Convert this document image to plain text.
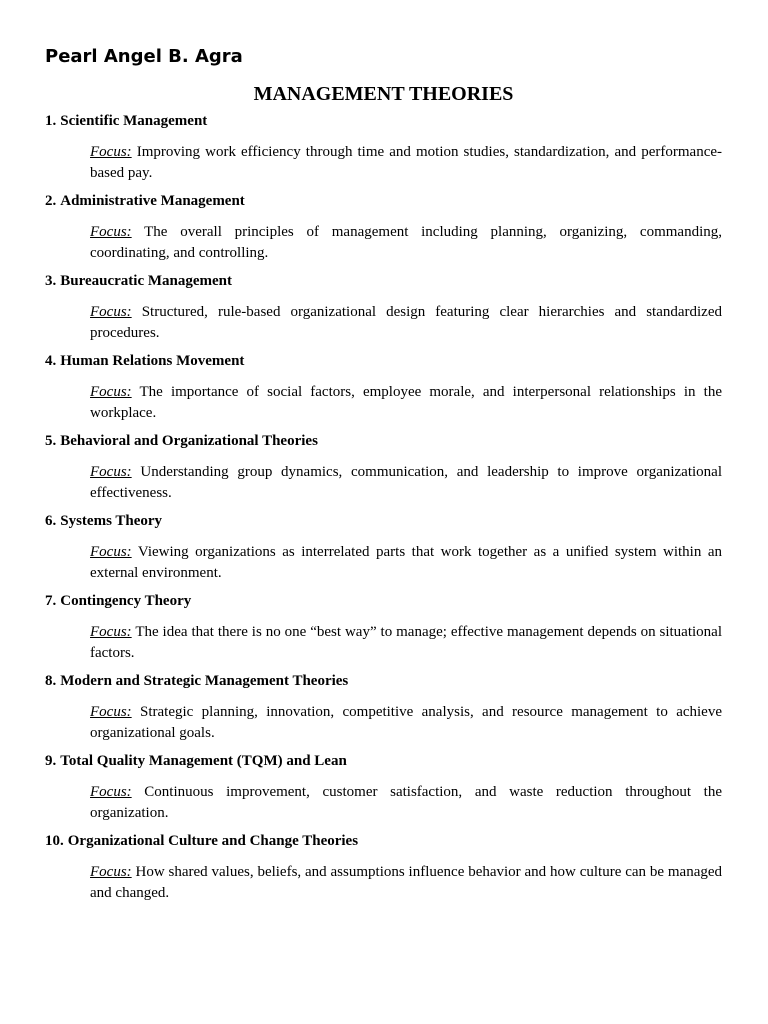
Pearl Angel B. Agra

MANAGEMENT THEORIES

1. Scientific Management

Focus: Improving work efficiency through time and motion studies, standardization, and performance-based pay.

2. Administrative Management

Focus: The overall principles of management including planning, organizing, commanding, coordinating, and controlling.

3. Bureaucratic Management

Focus: Structured, rule-based organizational design featuring clear hierarchies and standardized procedures.

4. Human Relations Movement

Focus: The importance of social factors, employee morale, and interpersonal relationships in the workplace.

5. Behavioral and Organizational Theories

Focus: Understanding group dynamics, communication, and leadership to improve organizational effectiveness.

6. Systems Theory

Focus: Viewing organizations as interrelated parts that work together as a unified system within an external environment.

7. Contingency Theory

Focus: The idea that there is no one “best way” to manage; effective management depends on situational factors.

8. Modern and Strategic Management Theories

Focus: Strategic planning, innovation, competitive analysis, and resource management to achieve organizational goals.

9. Total Quality Management (TQM) and Lean

Focus: Continuous improvement, customer satisfaction, and waste reduction throughout the organization.

10. Organizational Culture and Change Theories

Focus: How shared values, beliefs, and assumptions influence behavior and how culture can be managed and changed.
